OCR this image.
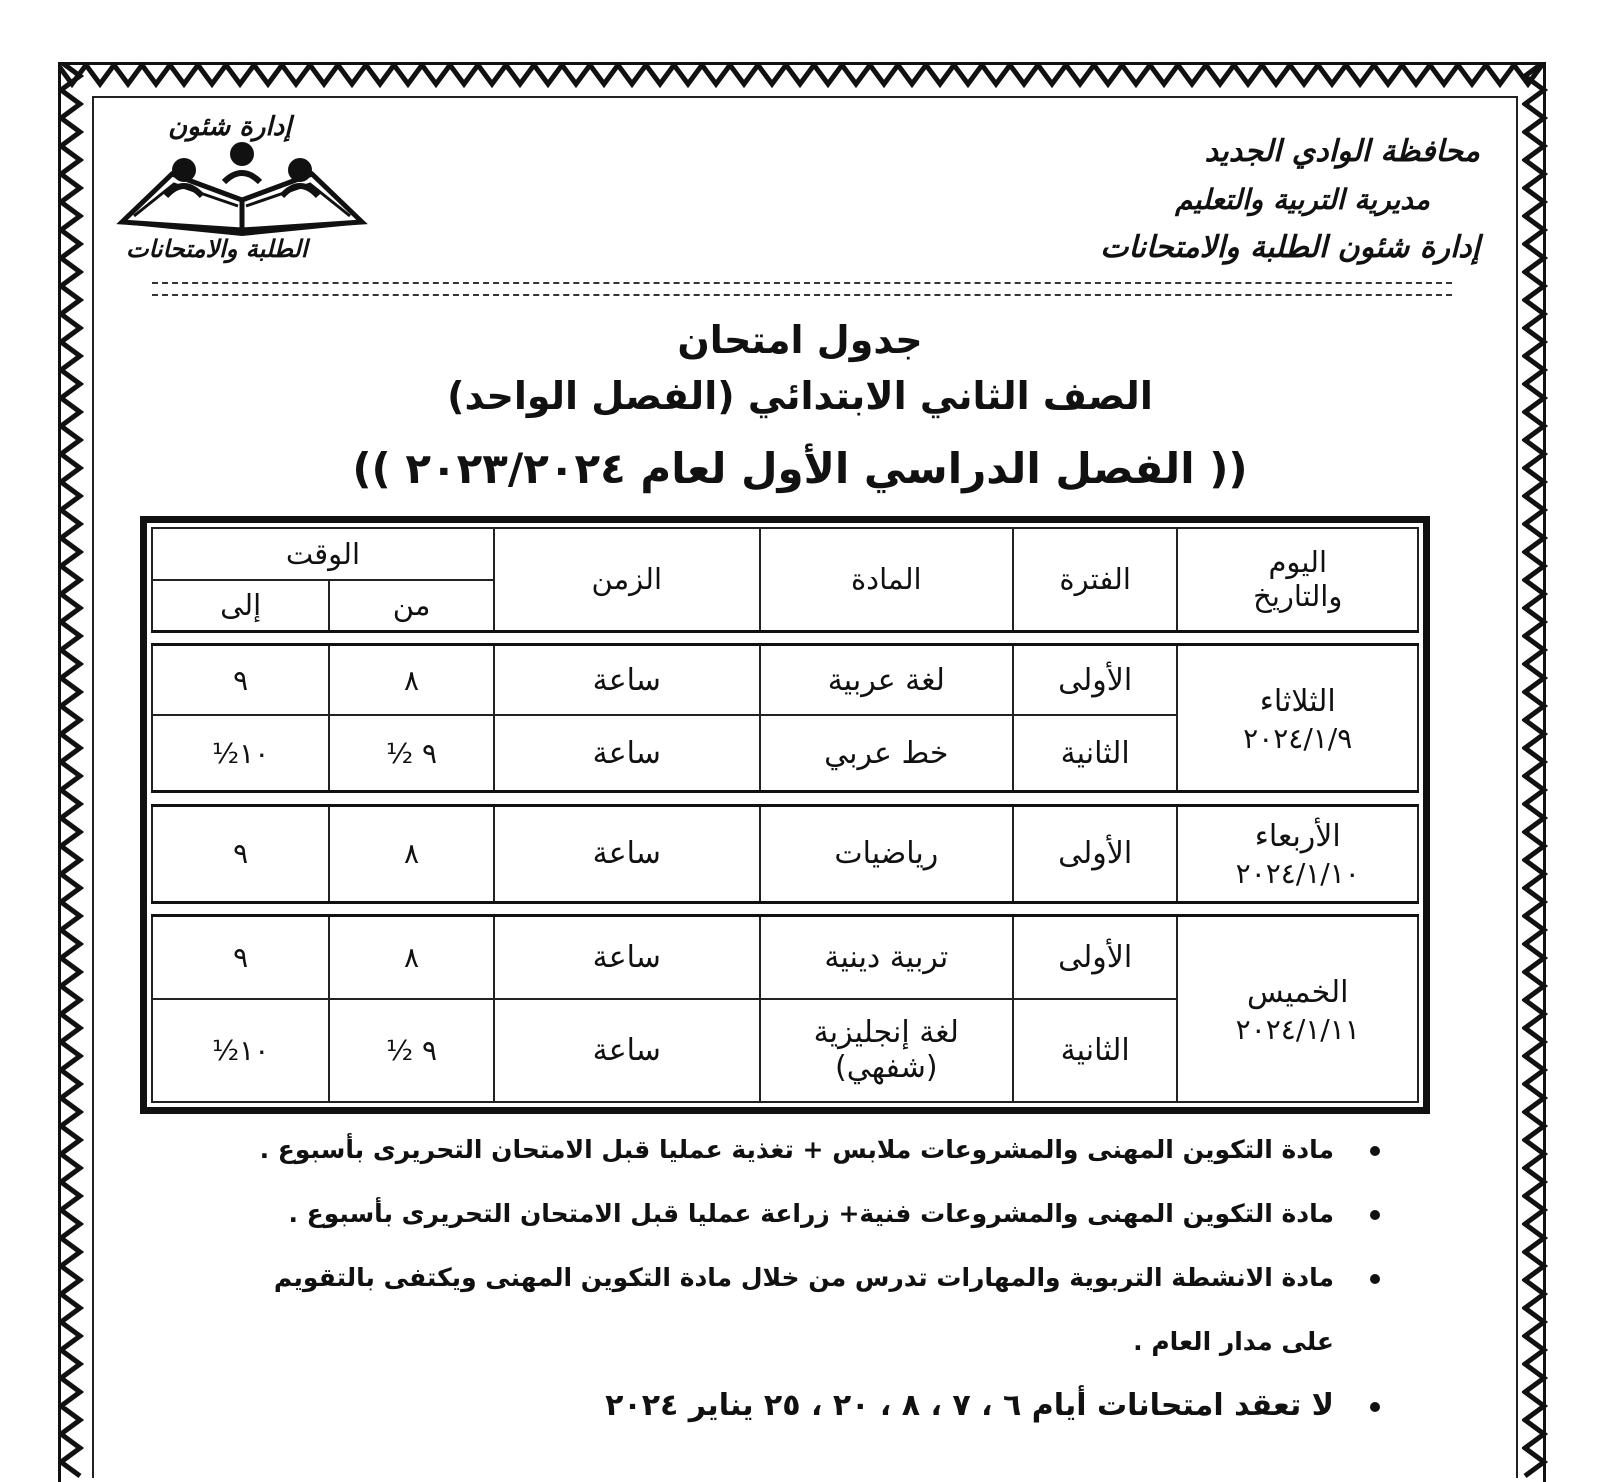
محافظة الوادي الجديد
مديرية التربية والتعليم
إدارة شئون الطلبة والامتحانات
إدارة شئون
الطلبة والامتحانات
جدول امتحان
الصف الثاني الابتدائي (الفصل الواحد)
(( الفصل الدراسي الأول لعام ٢٠٢٣/٢٠٢٤ ))
اليوم
والتاريخ	الفترة	المادة	الزمن	الوقت	
				من	إلى

الثلاثاء
٢٠٢٤/١/٩	الأولى	لغة عربية	ساعة	٨	٩
	الثانية	خط عربي	ساعة	٩ ½	١٠½

الأربعاء
٢٠٢٤/١/١٠	الأولى	رياضيات	ساعة	٨	٩

الخميس
٢٠٢٤/١/١١	الأولى	تربية دينية	ساعة	٨	٩
	الثانية	لغة إنجليزية
(شفهي)	ساعة	٩ ½	١٠½
مادة التكوين المهنى والمشروعات ملابس + تغذية عمليا قبل الامتحان التحريرى بأسبوع .
مادة التكوين المهنى والمشروعات فنية+ زراعة عمليا قبل الامتحان التحريرى بأسبوع .
مادة الانشطة التربوية والمهارات تدرس من خلال مادة التكوين المهنى ويكتفى بالتقويم على مدار العام .
لا تعقد امتحانات أيام ٦ ، ٧ ، ٨ ، ٢٠ ، ٢٥ يناير ٢٠٢٤
